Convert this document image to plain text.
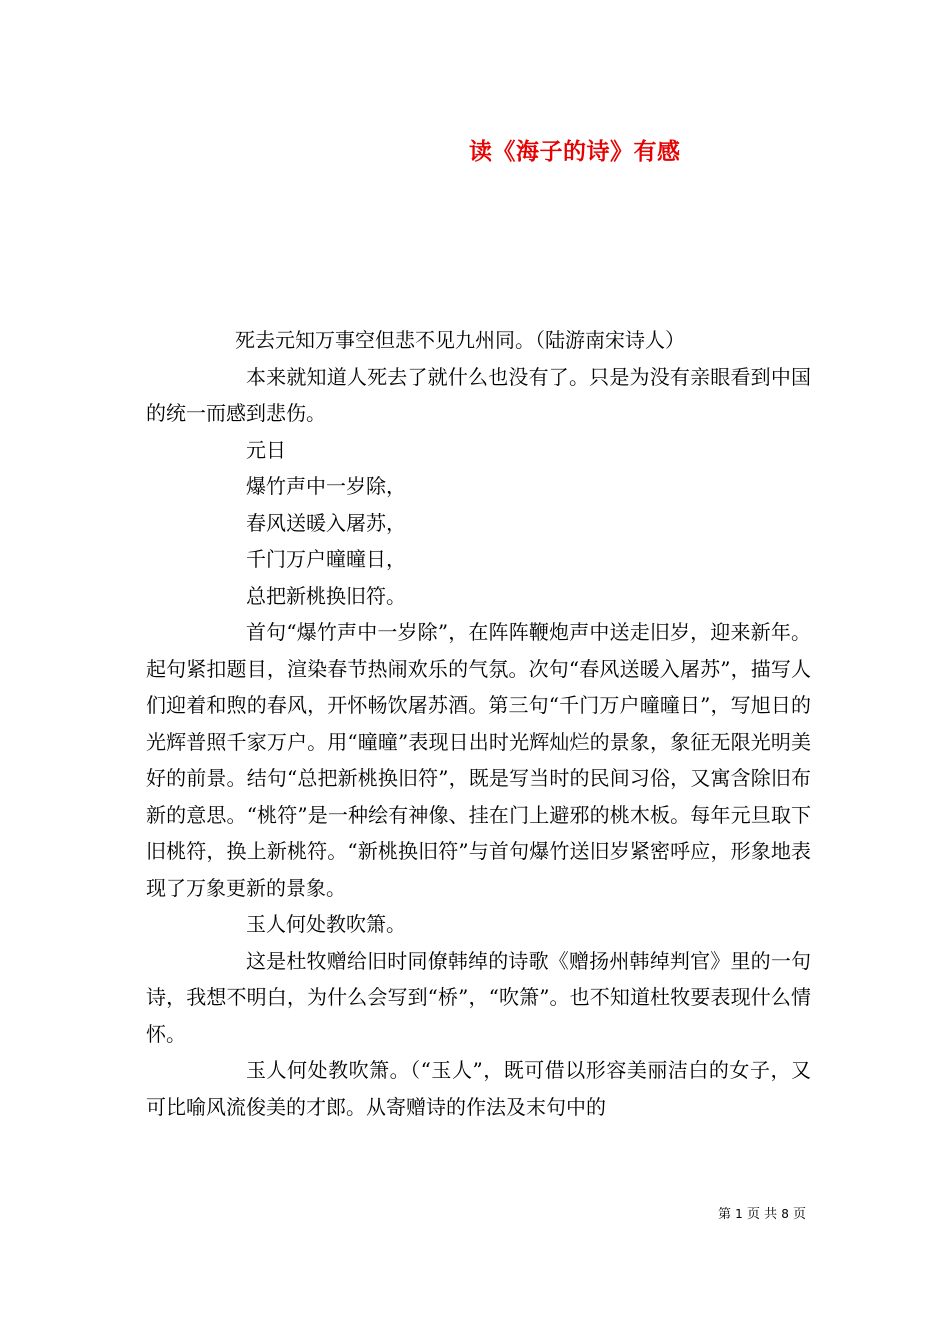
读《海子的诗》有感

死去元知万事空但悲不见九州同。（陆游南宋诗人）

本来就知道人死去了就什么也没有了。只是为没有亲眼看到中国的统一而感到悲伤。

元日

爆竹声中一岁除，

春风送暖入屠苏，

千门万户曈曈日，

总把新桃换旧符。

首句“爆竹声中一岁除”，在阵阵鞭炮声中送走旧岁，迎来新年。起句紧扣题目，渲染春节热闹欢乐的气氛。次句“春风送暖入屠苏”，描写人们迎着和煦的春风，开怀畅饮屠苏酒。第三句“千门万户曈曈日”，写旭日的光辉普照千家万户。用“曈曈”表现日出时光辉灿烂的景象，象征无限光明美好的前景。结句“总把新桃换旧符”，既是写当时的民间习俗，又寓含除旧布新的意思。“桃符”是一种绘有神像、挂在门上避邪的桃木板。每年元旦取下旧桃符，换上新桃符。“新桃换旧符”与首句爆竹送旧岁紧密呼应，形象地表现了万象更新的景象。

玉人何处教吹箫。

这是杜牧赠给旧时同僚韩绰的诗歌《赠扬州韩绰判官》里的一句诗，我想不明白，为什么会写到“桥”，“吹箫”。也不知道杜牧要表现什么情怀。

玉人何处教吹箫。（“玉人”，既可借以形容美丽洁白的女子，又可比喻风流俊美的才郎。从寄赠诗的作法及末句中的

第 1 页 共 8 页
